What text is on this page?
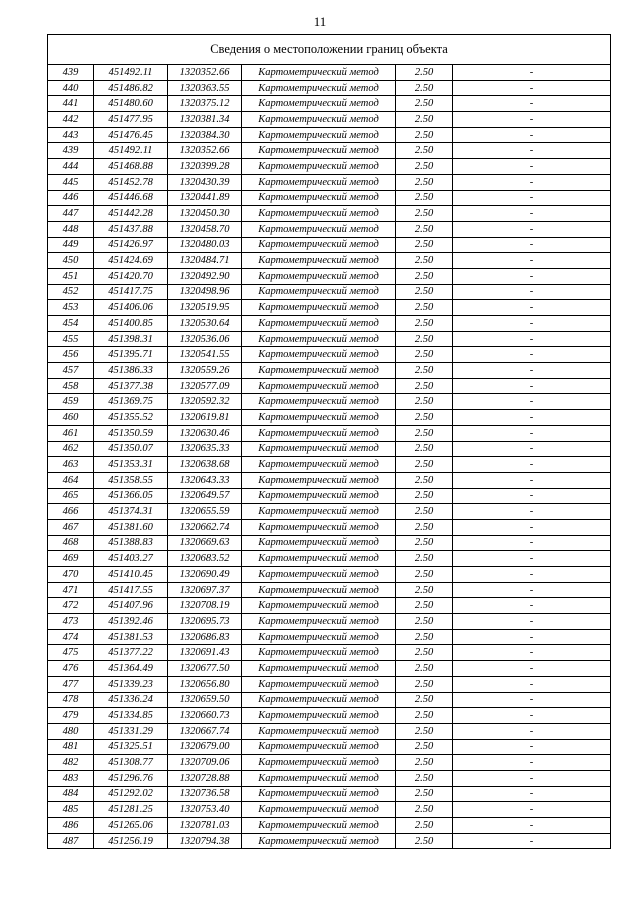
11
Сведения о местоположении границ объекта					
439	451492.11	1320352.66	Картометрический метод	2.50	-
440	451486.82	1320363.55	Картометрический метод	2.50	-
441	451480.60	1320375.12	Картометрический метод	2.50	-
442	451477.95	1320381.34	Картометрический метод	2.50	-
443	451476.45	1320384.30	Картометрический метод	2.50	-
439	451492.11	1320352.66	Картометрический метод	2.50	-
444	451468.88	1320399.28	Картометрический метод	2.50	-
445	451452.78	1320430.39	Картометрический метод	2.50	-
446	451446.68	1320441.89	Картометрический метод	2.50	-
447	451442.28	1320450.30	Картометрический метод	2.50	-
448	451437.88	1320458.70	Картометрический метод	2.50	-
449	451426.97	1320480.03	Картометрический метод	2.50	-
450	451424.69	1320484.71	Картометрический метод	2.50	-
451	451420.70	1320492.90	Картометрический метод	2.50	-
452	451417.75	1320498.96	Картометрический метод	2.50	-
453	451406.06	1320519.95	Картометрический метод	2.50	-
454	451400.85	1320530.64	Картометрический метод	2.50	-
455	451398.31	1320536.06	Картометрический метод	2.50	-
456	451395.71	1320541.55	Картометрический метод	2.50	-
457	451386.33	1320559.26	Картометрический метод	2.50	-
458	451377.38	1320577.09	Картометрический метод	2.50	-
459	451369.75	1320592.32	Картометрический метод	2.50	-
460	451355.52	1320619.81	Картометрический метод	2.50	-
461	451350.59	1320630.46	Картометрический метод	2.50	-
462	451350.07	1320635.33	Картометрический метод	2.50	-
463	451353.31	1320638.68	Картометрический метод	2.50	-
464	451358.55	1320643.33	Картометрический метод	2.50	-
465	451366.05	1320649.57	Картометрический метод	2.50	-
466	451374.31	1320655.59	Картометрический метод	2.50	-
467	451381.60	1320662.74	Картометрический метод	2.50	-
468	451388.83	1320669.63	Картометрический метод	2.50	-
469	451403.27	1320683.52	Картометрический метод	2.50	-
470	451410.45	1320690.49	Картометрический метод	2.50	-
471	451417.55	1320697.37	Картометрический метод	2.50	-
472	451407.96	1320708.19	Картометрический метод	2.50	-
473	451392.46	1320695.73	Картометрический метод	2.50	-
474	451381.53	1320686.83	Картометрический метод	2.50	-
475	451377.22	1320691.43	Картометрический метод	2.50	-
476	451364.49	1320677.50	Картометрический метод	2.50	-
477	451339.23	1320656.80	Картометрический метод	2.50	-
478	451336.24	1320659.50	Картометрический метод	2.50	-
479	451334.85	1320660.73	Картометрический метод	2.50	-
480	451331.29	1320667.74	Картометрический метод	2.50	-
481	451325.51	1320679.00	Картометрический метод	2.50	-
482	451308.77	1320709.06	Картометрический метод	2.50	-
483	451296.76	1320728.88	Картометрический метод	2.50	-
484	451292.02	1320736.58	Картометрический метод	2.50	-
485	451281.25	1320753.40	Картометрический метод	2.50	-
486	451265.06	1320781.03	Картометрический метод	2.50	-
487	451256.19	1320794.38	Картометрический метод	2.50	-
